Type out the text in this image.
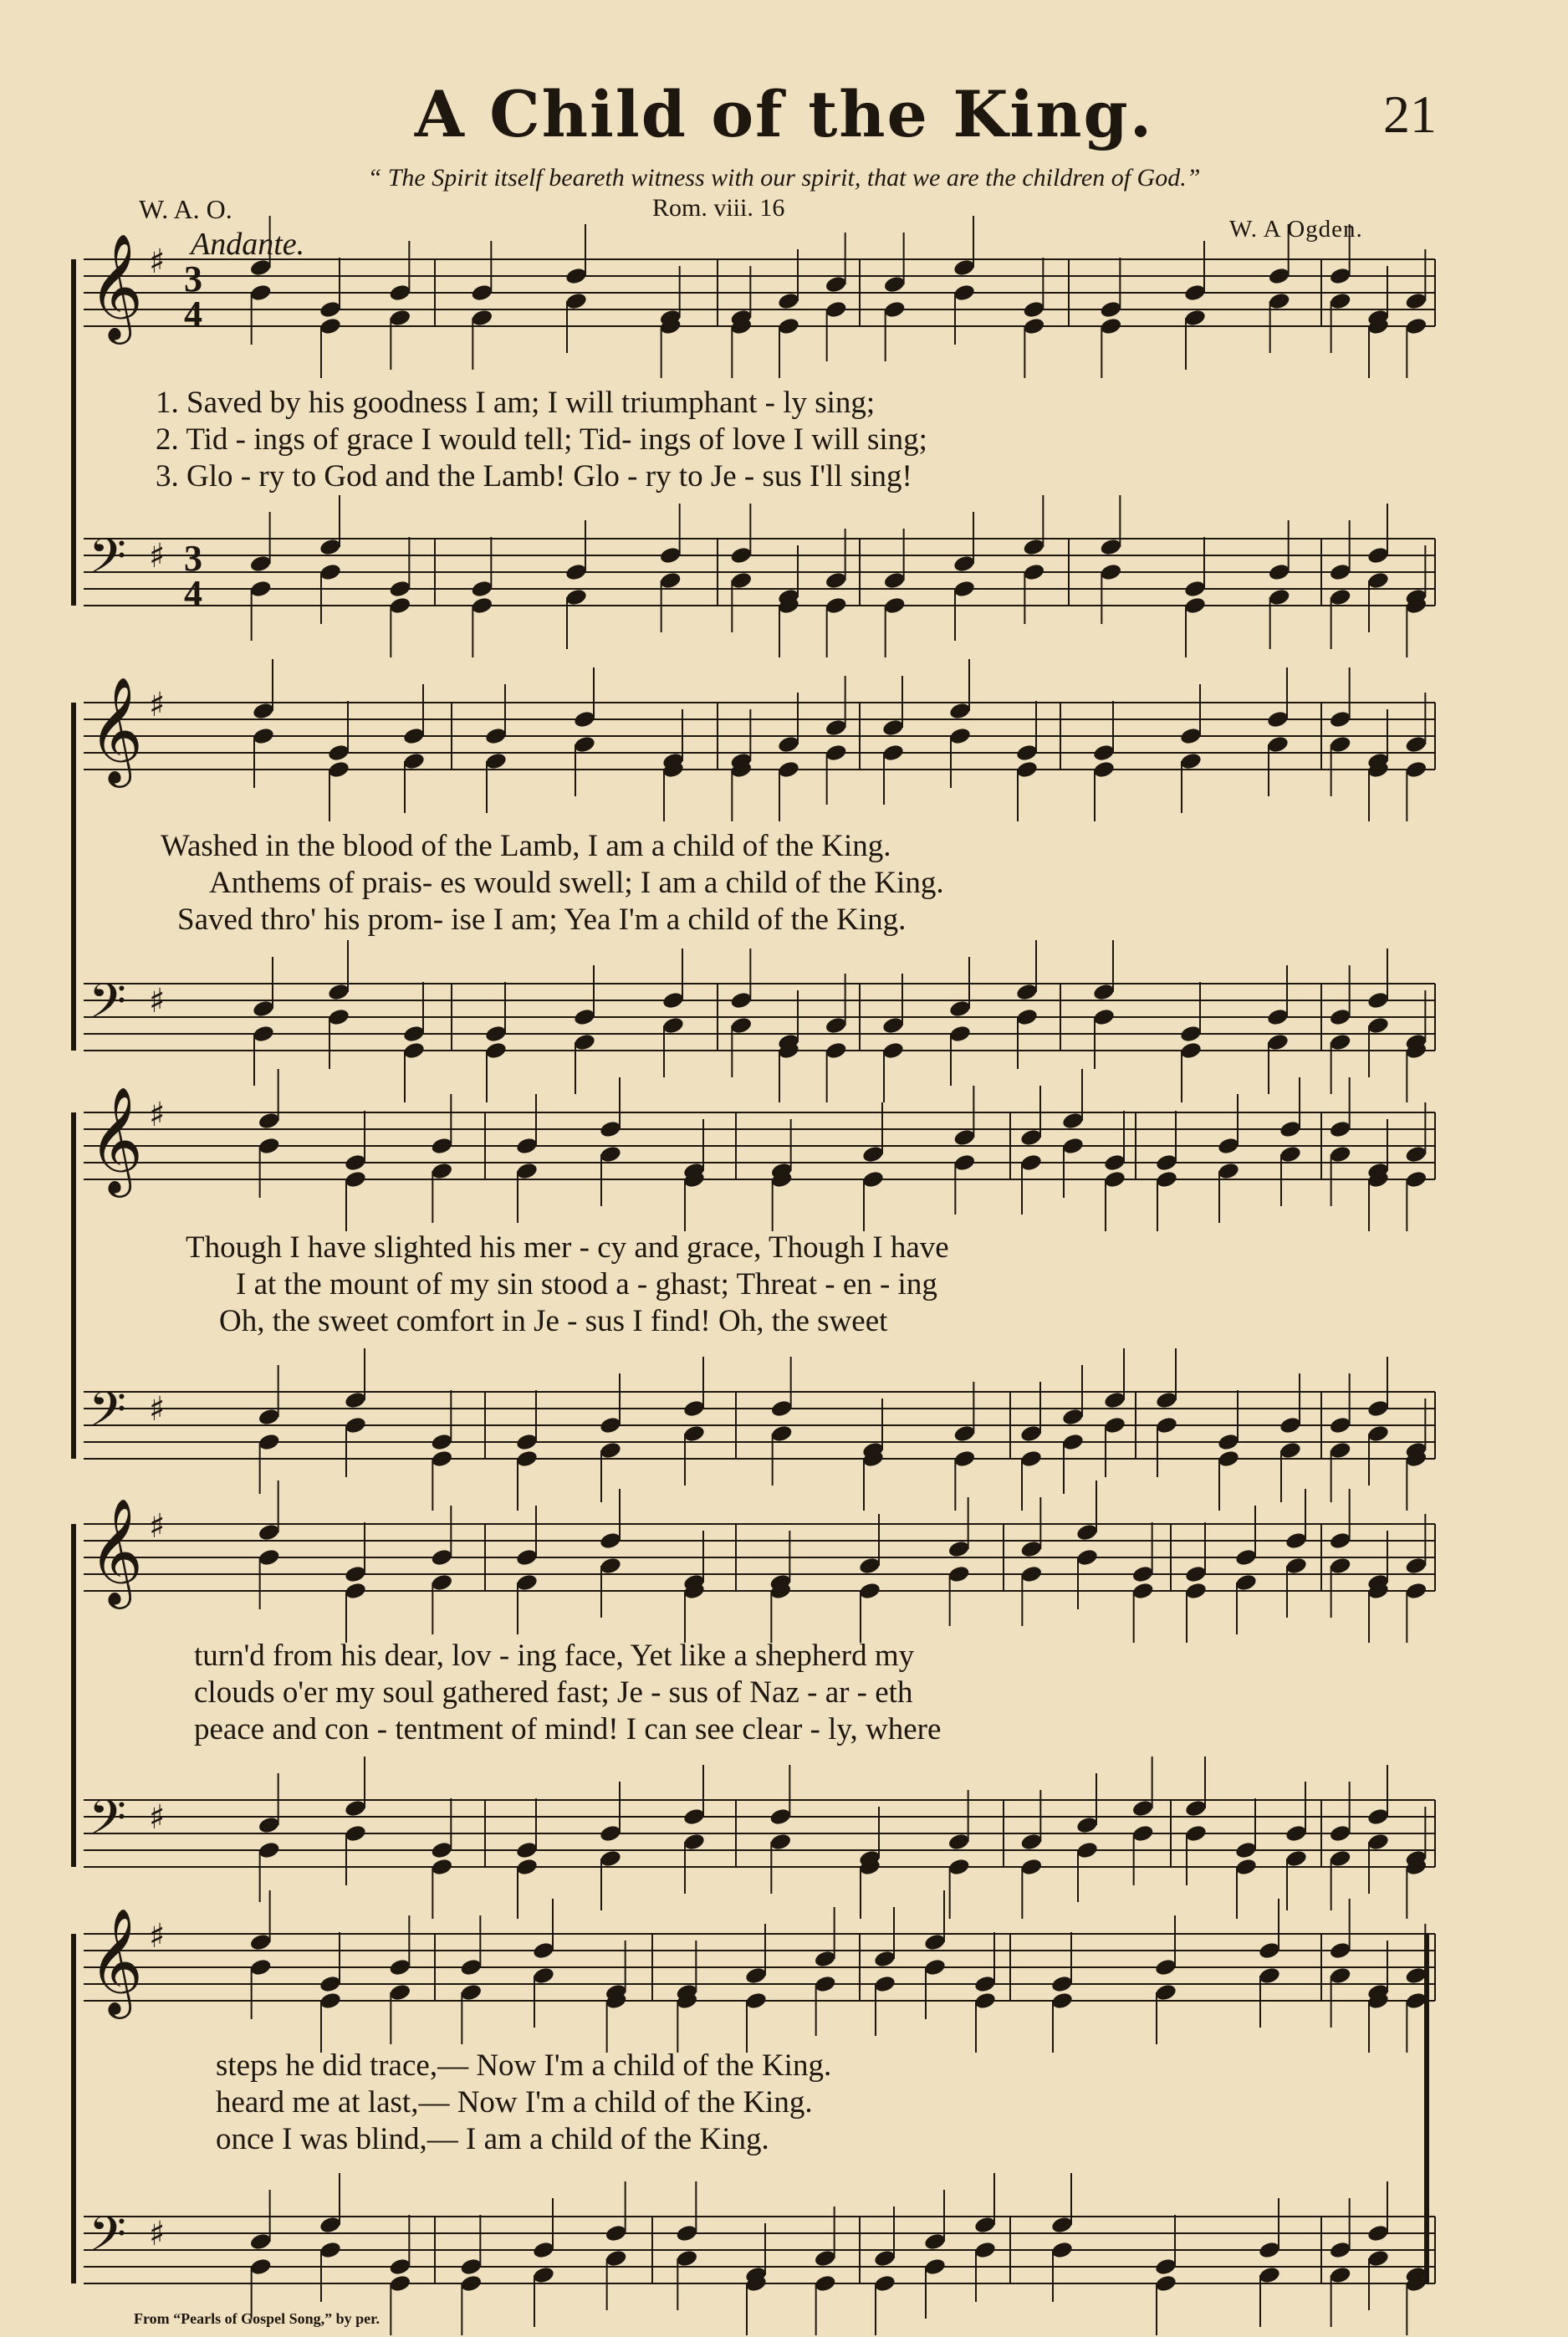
𝄞 ♯ 3
4
𝄢 ♯ 3
4
𝄞 ♯
𝄢 ♯
𝄞 ♯
𝄢 ♯
𝄞 ♯
𝄢 ♯
𝄞 ♯
𝄢 ♯
A Child of the King.	21
“ The Spirit itself beareth witness with our spirit, that we are the children of God.”
W. A. O.	Rom. viii. 16
W. A Ogden.
Andante.
1. Saved by his goodness I am; I will triumphant - ly sing;
2. Tid - ings of grace I would tell; Tid- ings of love I will sing;
3. Glo - ry to God and the Lamb! Glo - ry to Je - sus I'll sing!
Washed in the blood of the Lamb, I am a child of the King.
Anthems of prais- es would swell; I am a child of the King.
Saved thro' his prom- ise I am; Yea I'm a child of the King.
Though I have slighted his mer - cy and grace, Though I have
I at the mount of my sin stood a - ghast; Threat - en - ing
Oh, the sweet comfort in Je - sus I find! Oh, the sweet
turn'd from his dear, lov - ing face, Yet like a shepherd my
clouds o'er my soul gathered fast; Je - sus of Naz - ar - eth
peace and con - tentment of mind! I can see clear - ly, where
steps he did trace,— Now I'm a child of the King.
heard me at last,— Now I'm a child of the King.
once I was blind,— I am a child of the King.
From “Pearls of Gospel Song,” by per.
